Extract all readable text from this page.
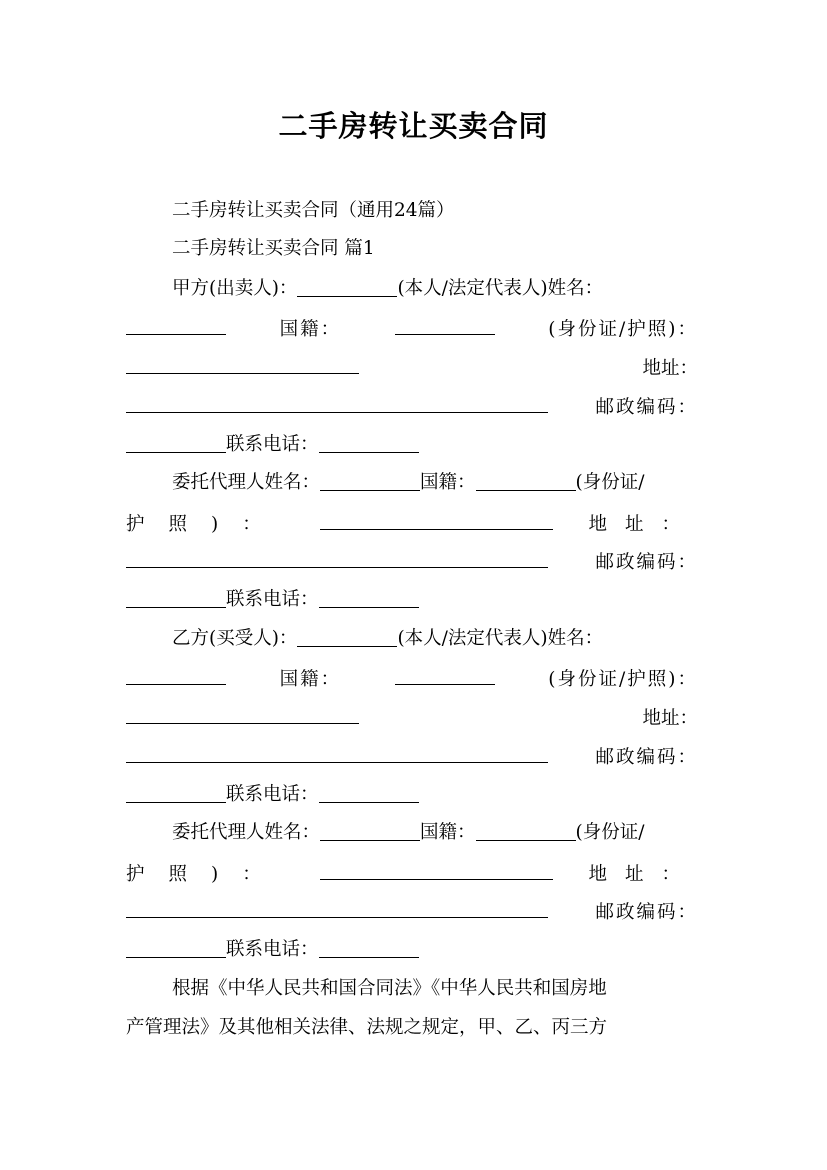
二手房转让买卖合同
二手房转让买卖合同（通用24篇）
二手房转让买卖合同 篇1
甲方(出卖人)：	(本人/法定代表人)姓名：
国籍：	(身份证/护照)：
地址：
邮政编码：
联系电话：
委托代理人姓名：	国籍：	(身份证/
护照)：	地址：
邮政编码：
联系电话：
乙方(买受人)：	(本人/法定代表人)姓名：
国籍：	(身份证/护照)：
地址：
邮政编码：
联系电话：
委托代理人姓名：	国籍：	(身份证/
护照)：	地址：
邮政编码：
联系电话：
根据《中华人民共和国合同法》《中华人民共和国房地
产管理法》及其他相关法律、法规之规定，甲、乙、丙三方
